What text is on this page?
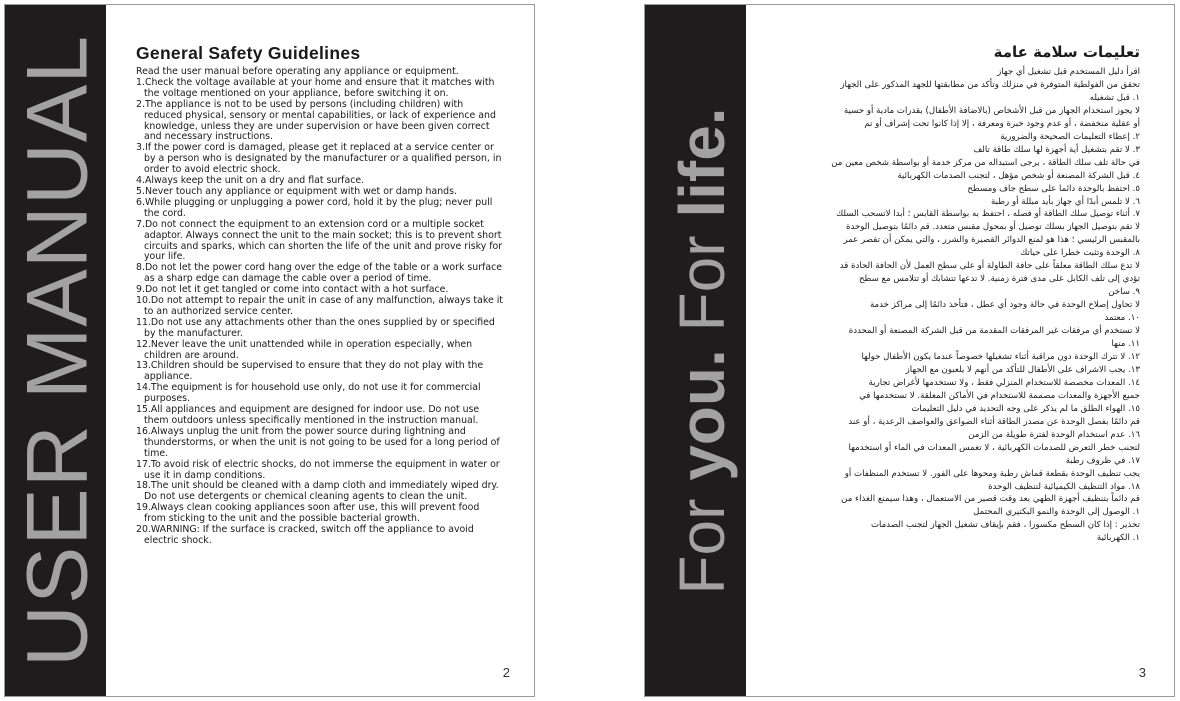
USER MANUAL General Safety Guidelines
Read the user manual before operating any appliance or equipment.
1.Check the voltage available at your home and ensure that it matches with the voltage mentioned on your appliance, before switching it on.
2.The appliance is not to be used by persons (including children) with reduced physical, sensory or mental capabilities, or lack of experience and knowledge, unless they are under supervision or have been given correct and necessary instructions.
3.If the power cord is damaged, please get it replaced at a service center or by a person who is designated by the manufacturer or a qualified person, in order to avoid electric shock.
4.Always keep the unit on a dry and flat surface.
5.Never touch any appliance or equipment with wet or damp hands.
6.While plugging or unplugging a power cord, hold it by the plug; never pull the cord.
7.Do not connect the equipment to an extension cord or a multiple socket adaptor. Always connect the unit to the main socket; this is to prevent short circuits and sparks, which can shorten the life of the unit and prove risky for your life.
8.Do not let the power cord hang over the edge of the table or a work surface as a sharp edge can damage the cable over a period of time.
9.Do not let it get tangled or come into contact with a hot surface.
10.Do not attempt to repair the unit in case of any malfunction, always take it to an authorized service center.
11.Do not use any attachments other than the ones supplied by or specified by the manufacturer.
12.Never leave the unit unattended while in operation especially, when children are around.
13.Children should be supervised to ensure that they do not play with the appliance.
14.The equipment is for household use only, do not use it for commercial purposes.
15.All appliances and equipment are designed for indoor use. Do not use them outdoors unless specifically mentioned in the instruction manual.
16.Always unplug the unit from the power source during lightning and thunderstorms, or when the unit is not going to be used for a long period of time.
17.To avoid risk of electric shocks, do not immerse the equipment in water or use it in damp conditions.
18.The unit should be cleaned with a damp cloth and immediately wiped dry. Do not use detergents or chemical cleaning agents to clean the unit.
19.Always clean cooking appliances soon after use, this will prevent food from sticking to the unit and the possible bacterial growth.
20.WARNING: If the surface is cracked, switch off the appliance to avoid electric shock.
2
For you. For life.
تعليمات سلامة عامة
اقرأ دليل المستخدم قبل تشغيل أي جهاز
تحقق من الفولطية المتوفرة في منزلك وتأكد من مطابقتها للجهد المذكور على الجهاز
١. قبل تشغيله
لا يجوز استخدام الجهاز من قبل الأشخاص (بالاضافة الأطفال) بقدرات مادية أو حسية
أو عقلية منخفضة ، أو عدم وجود خبرة ومعرفة ، إلا إذا كانوا تحت إشراف أو تم
٢. إعطاء التعليمات الصحيحة والضرورية
٣. لا تقم بتشغيل أية أجهزة لها سلك طاقة تالف
في حالة تلف سلك الطاقة ، يرجى استبداله من مركز خدمة أو بواسطة شخص معين من
٤. قبل الشركة المصنعة أو شخص مؤهل ، لتجنب الصدمات الكهربائية
٥. احتفظ بالوحدة دائما على سطح جاف ومسطح
٦. لا تلمس أبدًا أي جهاز بأيد مبللة أو رطبة
٧. أثناء توصيل سلك الطاقة أو فصله ، احتفظ به بواسطة القابس ؛ أبدا لاتسحب السلك
لا تقم بتوصيل الجهاز بسلك توصيل أو بمحول مقبس متعدد. قم دائمًا بتوصيل الوحدة
بالمقبس الرئيسي ؛ هذا هو لمنع الدوائر القصيرة والشرر ، والتي يمكن أن تقصر عمر
٨. الوحدة وتثبت خطرا على حياتك
لا تدع سلك الطاقة معلقاً على حافة الطاولة أو على سطح العمل لأن الحافة الحادة قد
تؤدي إلى تلف الكابل على مدى فترة زمنية. لا تدعها تتشابك أو تتلامس مع سطح
٩. ساخن
لا تحاول إصلاح الوحدة في حالة وجود أي عطل ، فتأخذ دائمًا إلى مراكز خدمة
١٠. معتمد
لا تستخدم أي مرفقات غير المرفقات المقدمة من قبل الشركة المصنعة أو المحددة
١١. منها
١٢. لا تترك الوحدة دون مراقبة أثناء تشغيلها خصوصاً عندما يكون الأطفال حولها
١٣. يجب الاشراف على الأطفال للتأكد من أنهم لا يلعبون مع الجهاز
١٤. المعدات مخصصة للاستخدام المنزلي فقط ، ولا تستخدمها لأغراض تجارية
جميع الأجهزة والمعدات مصممة للاستخدام في الأماكن المغلقة. لا تستخدمها في
١٥. الهواء الطلق ما لم يذكر على وجه التحديد في دليل التعليمات
قم دائمًا بفصل الوحدة عن مصدر الطاقة أثناء الصواعق والعواصف الرعدية ، أو عند
١٦. عدم استخدام الوحدة لفترة طويلة من الزمن
لتجنب خطر التعرض للصدمات الكهربائية ، لا تغمس المعدات في الماء أو استخدمها
١٧. في ظروف رطبة
يجب تنظيف الوحدة بقطعة قماش رطبة ومحوها على الفور. لا تستخدم المنظفات أو
١٨. مواد التنظيف الكيميائية لتنظيف الوحدة
قم دائماً بتنظيف أجهزة الطهي بعد وقت قصير من الاستعمال ، وهذا سيمنع الغذاء من
١. الوصول إلى الوحدة والنمو البكتيري المحتمل
تحذير : إذا كان السطح مكسورا ، فقم بإيقاف تشغيل الجهاز لتجنب الصدمات
١. الكهربائية
3
